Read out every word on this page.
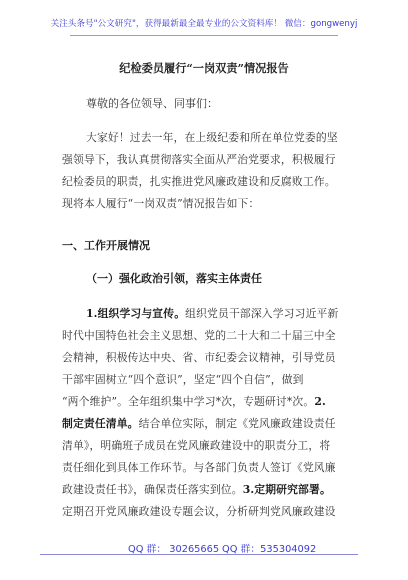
关注头条号"公文研究"，获得最新最全最专业的公文资料库！ 微信：gongwenyj
纪检委员履行“一岗双责”情况报告
尊敬的各位领导、同事们：
大家好！过去一年，在上级纪委和所在单位党委的坚
强领导下，我认真贯彻落实全面从严治党要求，积极履行
纪检委员的职责，扎实推进党风廉政建设和反腐败工作。
现将本人履行“一岗双责”情况报告如下：
一、工作开展情况
（一）强化政治引领，落实主体责任
1.组织学习与宣传。组织党员干部深入学习习近平新
时代中国特色社会主义思想、党的二十大和二十届三中全
会精神，积极传达中央、省、市纪委会议精神，引导党员
干部牢固树立“四个意识”，坚定“四个自信”，做到
“两个维护”。全年组织集中学习*次，专题研讨*次。2.
制定责任清单。结合单位实际，制定《党风廉政建设责任
清单》，明确班子成员在党风廉政建设中的职责分工，将
责任细化到具体工作环节。与各部门负责人签订《党风廉
政建设责任书》，确保责任落实到位。3.定期研究部署。
定期召开党风廉政建设专题会议，分析研判党风廉政建设
QQ 群： 30265665 QQ 群：535304092
